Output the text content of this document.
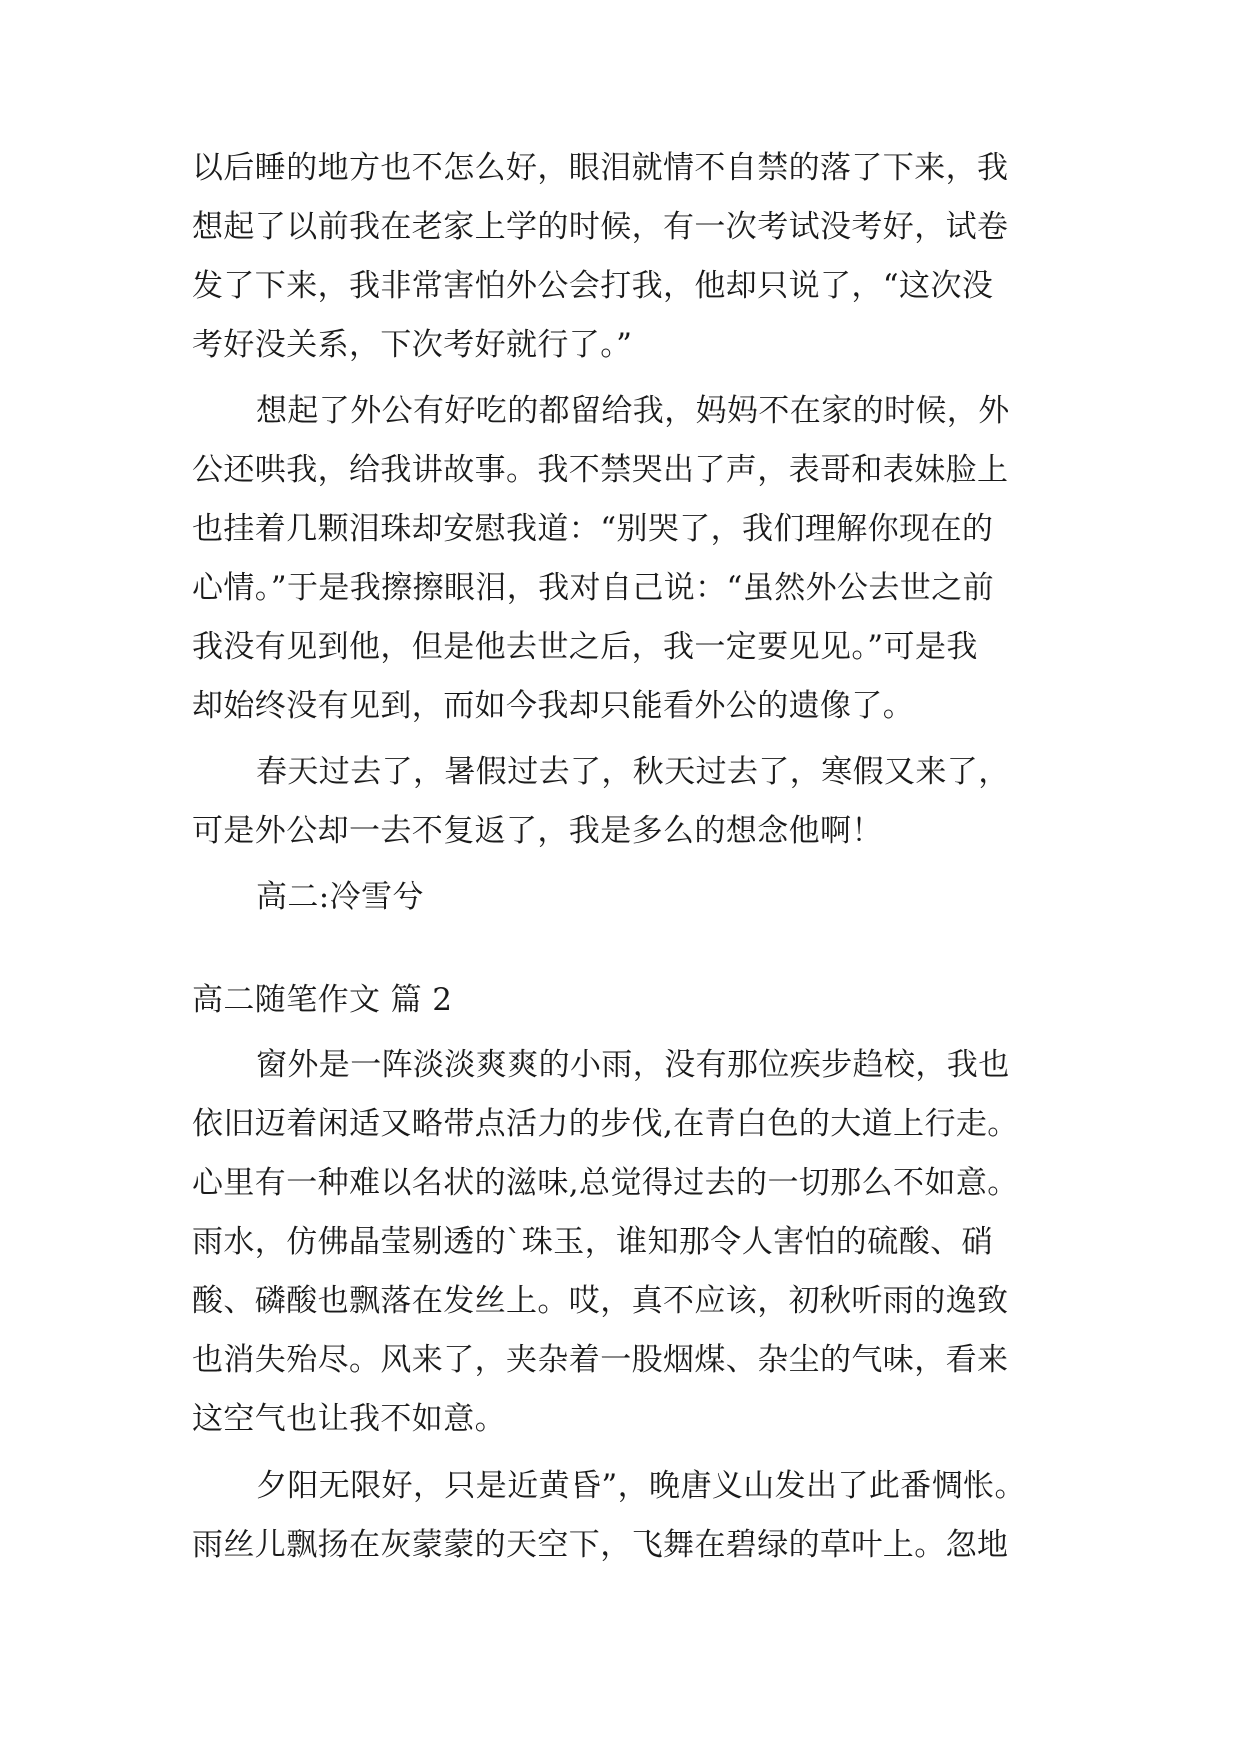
以后睡的地方也不怎么好，眼泪就情不自禁的落了下来，我
想起了以前我在老家上学的时候，有一次考试没考好，试卷
发了下来，我非常害怕外公会打我，他却只说了，“这次没
考好没关系，下次考好就行了。”
想起了外公有好吃的都留给我，妈妈不在家的时候，外
公还哄我，给我讲故事。我不禁哭出了声，表哥和表妹脸上
也挂着几颗泪珠却安慰我道：“别哭了，我们理解你现在的
心情。”于是我擦擦眼泪，我对自己说：“虽然外公去世之前
我没有见到他，但是他去世之后，我一定要见见。”可是我
却始终没有见到，而如今我却只能看外公的遗像了。
春天过去了，暑假过去了，秋天过去了，寒假又来了，
可是外公却一去不复返了，我是多么的想念他啊！
高二:冷雪兮
高二随笔作文 篇 2
窗外是一阵淡淡爽爽的小雨，没有那位疾步趋校，我也
依旧迈着闲适又略带点活力的步伐,在青白色的大道上行走。
心里有一种难以名状的滋味,总觉得过去的一切那么不如意。
雨水，仿佛晶莹剔透的`珠玉，谁知那令人害怕的硫酸、硝
酸、磷酸也飘落在发丝上。哎，真不应该，初秋听雨的逸致
也消失殆尽。风来了，夹杂着一股烟煤、杂尘的气味，看来
这空气也让我不如意。
夕阳无限好，只是近黄昏”，晚唐义山发出了此番惆怅。
雨丝儿飘扬在灰蒙蒙的天空下，飞舞在碧绿的草叶上。忽地
